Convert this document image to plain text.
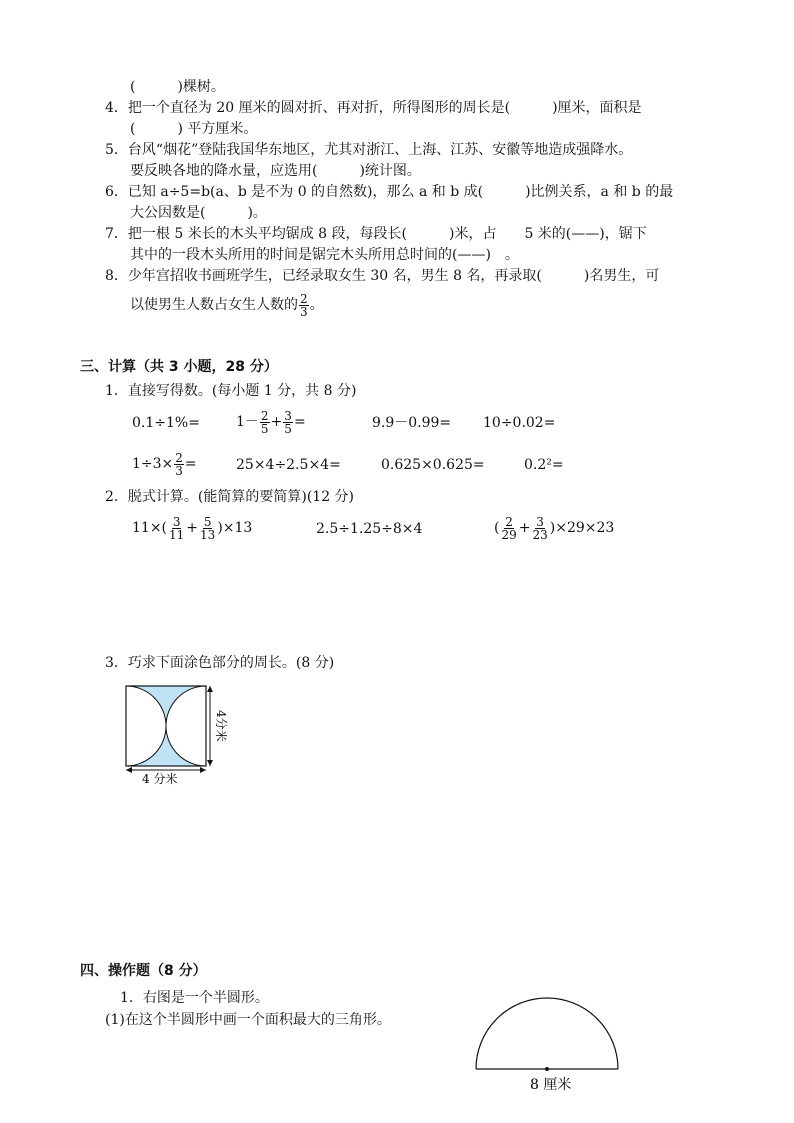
(　　　)棵树。
4．把一个直径为 20 厘米的圆对折、再对折，所得图形的周长是(　　　)厘米，面积是
(　　　) 平方厘米。
5．台风“烟花”登陆我国华东地区，尤其对浙江、上海、江苏、安徽等地造成强降水。
要反映各地的降水量，应选用(　　　)统计图。
6．已知 a÷5=b(a、b 是不为 0 的自然数)，那么 a 和 b 成(　　　)比例关系，a 和 b 的最
大公因数是(　　　)。
7．把一根 5 米长的木头平均锯成 8 段，每段长(　　　)米，占　　5 米的(——)，锯下
其中的一段木头所用的时间是锯完木头所用总时间的(——)　。
8．少年宫招收书画班学生，已经录取女生 30 名，男生 8 名，再录取(　　　)名男生，可
以使男生人数占女生人数的 $\frac{2}{3}$ 。
三、计算（共 3 小题，28 分）
1．直接写得数。(每小题 1 分，共 8 分)
0.1÷1%=	$1- \frac{2}{5} + \frac{3}{5}$ =	9.9－0.99= 10÷0.02=
$1\div 3\times \frac{2}{3}$ =	25×4÷2.5×4=	0.625×0.625=	0.2²=
2．脱式计算。(能简算的要简算)(12 分)
$11\times( \frac{3}{11} + \frac{5}{13} )\times 13$	2.5÷1.25÷8×4	( $\frac{2}{29} + \frac{3}{23} )\times 29\times 23$
3．巧求下面涂色部分的周长。(8 分)
4分米
4 分米
四、操作题（8 分）
1．右图是一个半圆形。
(1)在这个半圆形中画一个面积最大的三角形。
8 厘米
